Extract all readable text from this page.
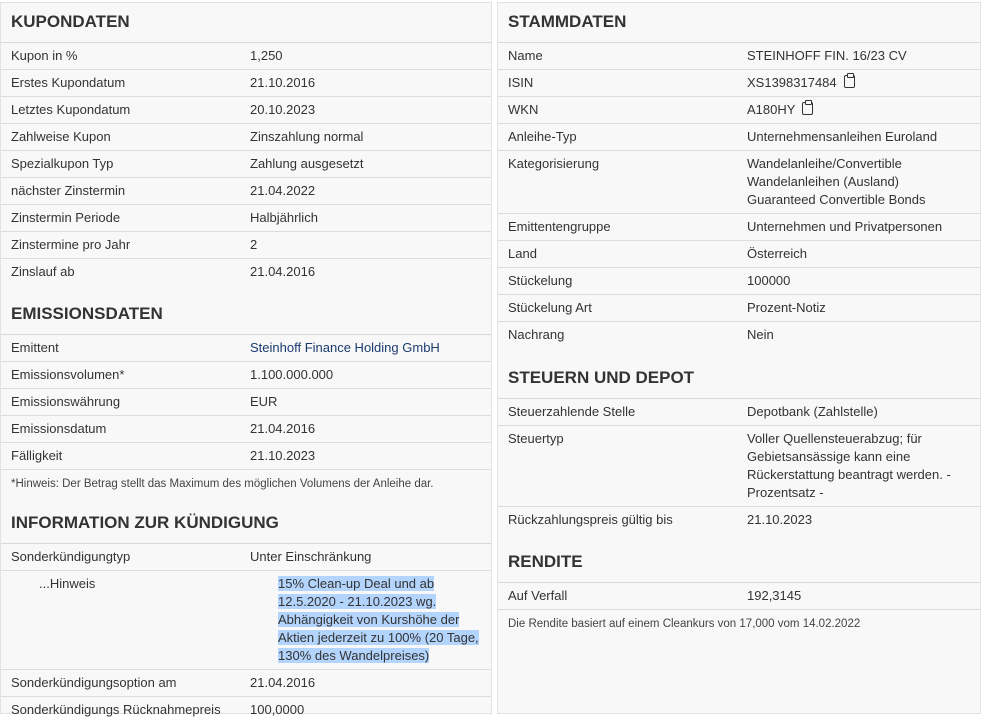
KUPONDATEN
Kupon in %	1,250
Erstes Kupondatum	21.10.2016
Letztes Kupondatum	20.10.2023
Zahlweise Kupon	Zinszahlung normal
Spezialkupon Typ	Zahlung ausgesetzt
nächster Zinstermin	21.04.2022
Zinstermin Periode	Halbjährlich
Zinstermine pro Jahr	2
Zinslauf ab	21.04.2016
EMISSIONSDATEN
Emittent	Steinhoff Finance Holding GmbH
Emissionsvolumen*	1.100.000.000
Emissionswährung	EUR
Emissionsdatum	21.04.2016
Fälligkeit	21.10.2023
*Hinweis: Der Betrag stellt das Maximum des möglichen Volumens der Anleihe dar.
INFORMATION ZUR KÜNDIGUNG
Sonderkündigungtyp	Unter Einschränkung
...Hinweis	15% Clean-up Deal und ab 12.5.2020 - 21.10.2023 wg. Abhängigkeit von Kurshöhe der Aktien jederzeit zu 100% (20 Tage, 130% des Wandelpreises)
Sonderkündigungsoption am	21.04.2016
Sonderkündigungs Rücknahmepreis	100,0000
STAMMDATEN
Name	STEINHOFF FIN. 16/23 CV
ISIN	XS1398317484
WKN	A180HY
Anleihe-Typ	Unternehmensanleihen Euroland
Kategorisierung	Wandelanleihe/Convertible
Wandelanleihen (Ausland)
Guaranteed Convertible Bonds
Emittentengruppe	Unternehmen und Privatpersonen
Land	Österreich
Stückelung	100000
Stückelung Art	Prozent-Notiz
Nachrang	Nein
STEUERN UND DEPOT
Steuerzahlende Stelle	Depotbank (Zahlstelle)
Steuertyp	Voller Quellensteuerabzug; für Gebietsansässige kann eine Rückerstattung beantragt werden. - Prozentsatz -
Rückzahlungspreis gültig bis	21.10.2023
RENDITE
Auf Verfall	192,3145
Die Rendite basiert auf einem Cleankurs von 17,000 vom 14.02.2022
